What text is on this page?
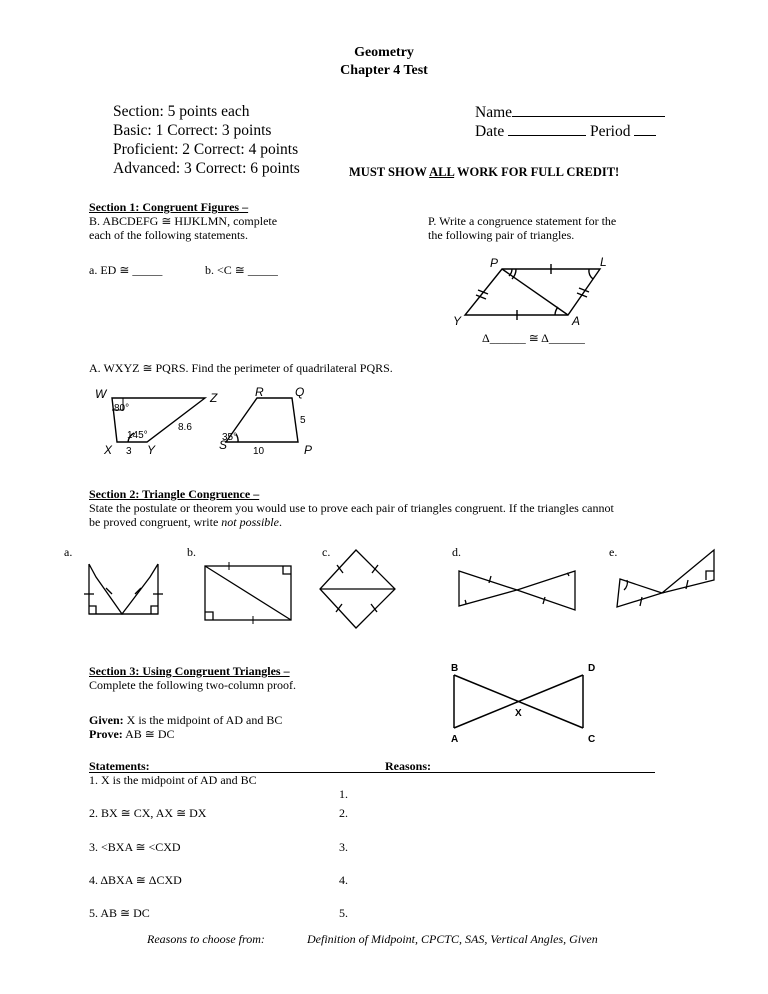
Geometry
Chapter 4 Test
Section: 5 points each
Basic: 1 Correct: 3 points
Proficient: 2 Correct: 4 points
Advanced: 3 Correct: 6 points
Name
Date	Period
MUST SHOW ALL WORK FOR FULL CREDIT!
Section 1: Congruent Figures –
B. ABCDEFG ≅ HIJKLMN, complete
each of the following statements.
a. ED ≅ _____	b. <C ≅ _____
P. Write a congruence statement for the
the following pair of triangles.
P	L
Y	A
Δ______ ≅ Δ______
A. WXYZ ≅ PQRS. Find the perimeter of quadrilateral PQRS.
W	Z
X	Y
R	Q
S	P
80°
145°	35°
3
8.6
5
10
Section 2: Triangle Congruence –
State the postulate or theorem you would use to prove each pair of triangles congruent. If the triangles cannot
be proved congruent, write not possible.
a.	b.	c.	d.	e.
Section 3: Using Congruent Triangles –
Complete the following two-column proof.
B	D
A	C
X
Given: X is the midpoint of AD and BC
Prove: AB ≅ DC
Statements:	Reasons:
1. X is the midpoint of AD and BC
1.
2. BX ≅ CX, AX ≅ DX	2.
3. <BXA ≅ <CXD	3.
4. ΔBXA ≅ ΔCXD	4.
5. AB ≅ DC	5.
Reasons to choose from:	Definition of Midpoint, CPCTC, SAS, Vertical Angles, Given
